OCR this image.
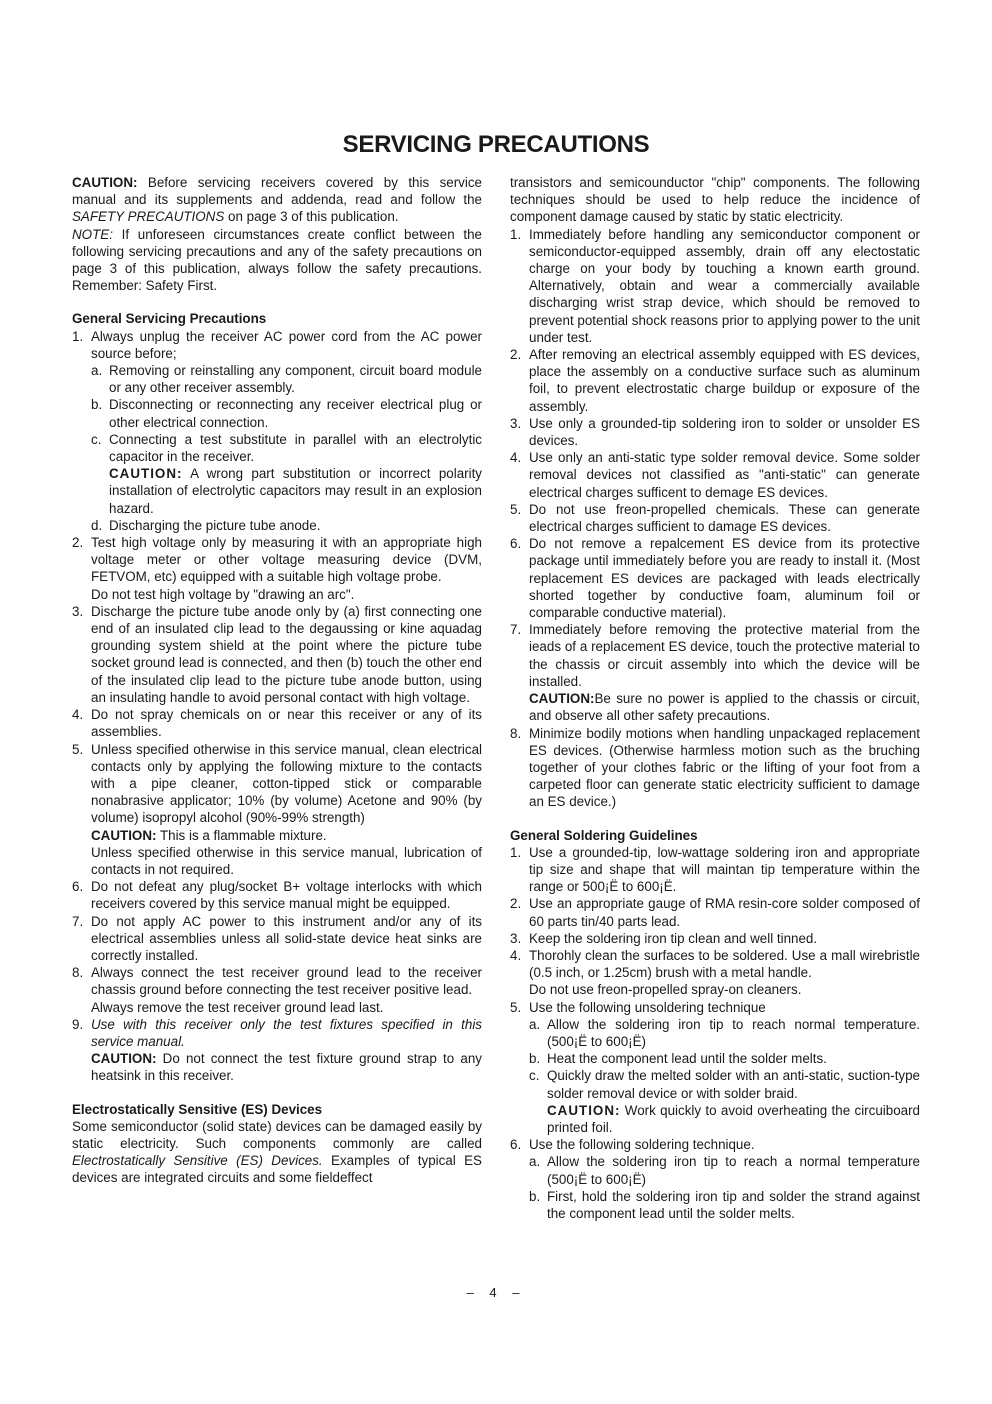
SERVICING PRECAUTIONS

CAUTION: Before servicing receivers covered by this service manual and its supplements and addenda, read and follow the SAFETY PRECAUTIONS on page 3 of this publication.

NOTE: If unforeseen circumstances create conflict between the following servicing precautions and any of the safety precautions on page 3 of this publication, always follow the safety precautions. Remember: Safety First.

General Servicing Precautions

1. Always unplug the receiver AC power cord from the AC power source before;
a. Removing or reinstalling any component, circuit board module or any other receiver assembly.
b. Disconnecting or reconnecting any receiver electrical plug or other electrical connection.
c. Connecting a test substitute in parallel with an electrolytic capacitor in the receiver.
CAUTION: A wrong part substitution or incorrect polarity installation of electrolytic capacitors may result in an explosion hazard.
d. Discharging the picture tube anode.
2. Test high voltage only by measuring it with an appropriate high voltage meter or other voltage measuring device (DVM, FETVOM, etc) equipped with a suitable high voltage probe.
Do not test high voltage by "drawing an arc".
3. Discharge the picture tube anode only by (a) first connecting one end of an insulated clip lead to the degaussing or kine aquadag grounding system shield at the point where the picture tube socket ground lead is connected, and then (b) touch the other end of the insulated clip lead to the picture tube anode button, using an insulating handle to avoid personal contact with high voltage.
4. Do not spray chemicals on or near this receiver or any of its assemblies.
5. Unless specified otherwise in this service manual, clean electrical contacts only by applying the following mixture to the contacts with a pipe cleaner, cotton-tipped stick or comparable nonabrasive applicator; 10% (by volume) Acetone and 90% (by volume) isopropyl alcohol (90%-99% strength)
CAUTION: This is a flammable mixture.
Unless specified otherwise in this service manual, lubrication of contacts in not required.
6. Do not defeat any plug/socket B+ voltage interlocks with which receivers covered by this service manual might be equipped.
7. Do not apply AC power to this instrument and/or any of its electrical assemblies unless all solid-state device heat sinks are correctly installed.
8. Always connect the test receiver ground lead to the receiver chassis ground before connecting the test receiver positive lead.
Always remove the test receiver ground lead last.
9. Use with this receiver only the test fixtures specified in this service manual.
CAUTION: Do not connect the test fixture ground strap to any heatsink in this receiver.

Electrostatically Sensitive (ES) Devices

Some semiconductor (solid state) devices can be damaged easily by static electricity. Such components commonly are called Electrostatically Sensitive (ES) Devices. Examples of typical ES devices are integrated circuits and some fieldeffect

transistors and semicounductor "chip" components. The following techniques should be used to help reduce the incidence of component damage caused by static by static electricity.

1. Immediately before handling any semiconductor component or semiconductor-equipped assembly, drain off any electostatic charge on your body by touching a known earth ground. Alternatively, obtain and wear a commercially available discharging wrist strap device, which should be removed to prevent potential shock reasons prior to applying power to the unit under test.
2. After removing an electrical assembly equipped with ES devices, place the assembly on a conductive surface such as aluminum foil, to prevent electrostatic charge buildup or exposure of the assembly.
3. Use only a grounded-tip soldering iron to solder or unsolder ES devices.
4. Use only an anti-static type solder removal device. Some solder removal devices not classified as "anti-static" can generate electrical charges sufficent to demage ES devices.
5. Do not use freon-propelled chemicals. These can generate electrical charges sufficient to damage ES devices.
6. Do not remove a repalcement ES device from its protective package until immediately before you are ready to install it. (Most replacement ES devices are packaged with leads electrically shorted together by conductive foam, aluminum foil or comparable conductive material).
7. Immediately before removing the protective material from the ieads of a replacement ES device, touch the protective material to the chassis or circuit assembly into which the device will be installed.
CAUTION:Be sure no power is applied to the chassis or circuit, and observe all other safety precautions.
8. Minimize bodily motions when handling unpackaged replacement ES devices. (Otherwise harmless motion such as the bruching together of your clothes fabric or the lifting of your foot from a carpeted floor can generate static electricity sufficient to damage an ES device.)

General Soldering Guidelines

1. Use a grounded-tip, low-wattage soldering iron and appropriate tip size and shape that will maintan tip temperature within the range or 500¡Ë to 600¡Ë.
2. Use an appropriate gauge of RMA resin-core solder composed of 60 parts tin/40 parts lead.
3. Keep the soldering iron tip clean and well tinned.
4. Thorohly clean the surfaces to be soldered. Use a mall wirebristle (0.5 inch, or 1.25cm) brush with a metal handle.
Do not use freon-propelled spray-on cleaners.
5. Use the following unsoldering technique
a. Allow the soldering iron tip to reach normal temperature. (500¡Ë to 600¡Ë)
b. Heat the component lead until the solder melts.
c. Quickly draw the melted solder with an anti-static, suction-type solder removal device or with solder braid.
CAUTION: Work quickly to avoid overheating the circuiboard printed foil.
6. Use the following soldering technique.
a. Allow the soldering iron tip to reach a normal temperature (500¡Ë to 600¡Ë)
b. First, hold the soldering iron tip and solder the strand against the component lead until the solder melts.
– 4 –
